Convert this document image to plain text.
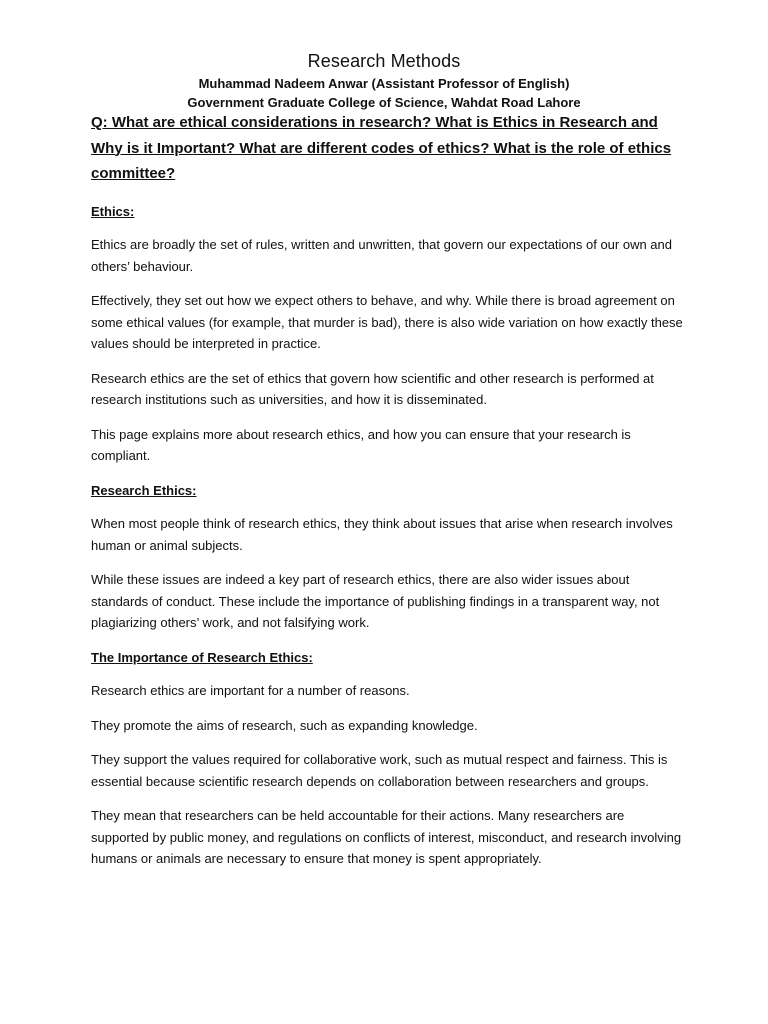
Research Methods

Muhammad Nadeem Anwar (Assistant Professor of English)

Government Graduate College of Science, Wahdat Road Lahore

Q: What are ethical considerations in research? What is Ethics in Research and Why is it Important? What are different codes of ethics? What is the role of ethics committee?

Ethics:

Ethics are broadly the set of rules, written and unwritten, that govern our expectations of our own and others’ behaviour.

Effectively, they set out how we expect others to behave, and why. While there is broad agreement on some ethical values (for example, that murder is bad), there is also wide variation on how exactly these values should be interpreted in practice.

Research ethics are the set of ethics that govern how scientific and other research is performed at research institutions such as universities, and how it is disseminated.

This page explains more about research ethics, and how you can ensure that your research is compliant.

Research Ethics:

When most people think of research ethics, they think about issues that arise when research involves human or animal subjects.

While these issues are indeed a key part of research ethics, there are also wider issues about standards of conduct. These include the importance of publishing findings in a transparent way, not plagiarizing others’ work, and not falsifying work.

The Importance of Research Ethics:

Research ethics are important for a number of reasons.

They promote the aims of research, such as expanding knowledge.

They support the values required for collaborative work, such as mutual respect and fairness. This is essential because scientific research depends on collaboration between researchers and groups.

They mean that researchers can be held accountable for their actions. Many researchers are supported by public money, and regulations on conflicts of interest, misconduct, and research involving humans or animals are necessary to ensure that money is spent appropriately.
